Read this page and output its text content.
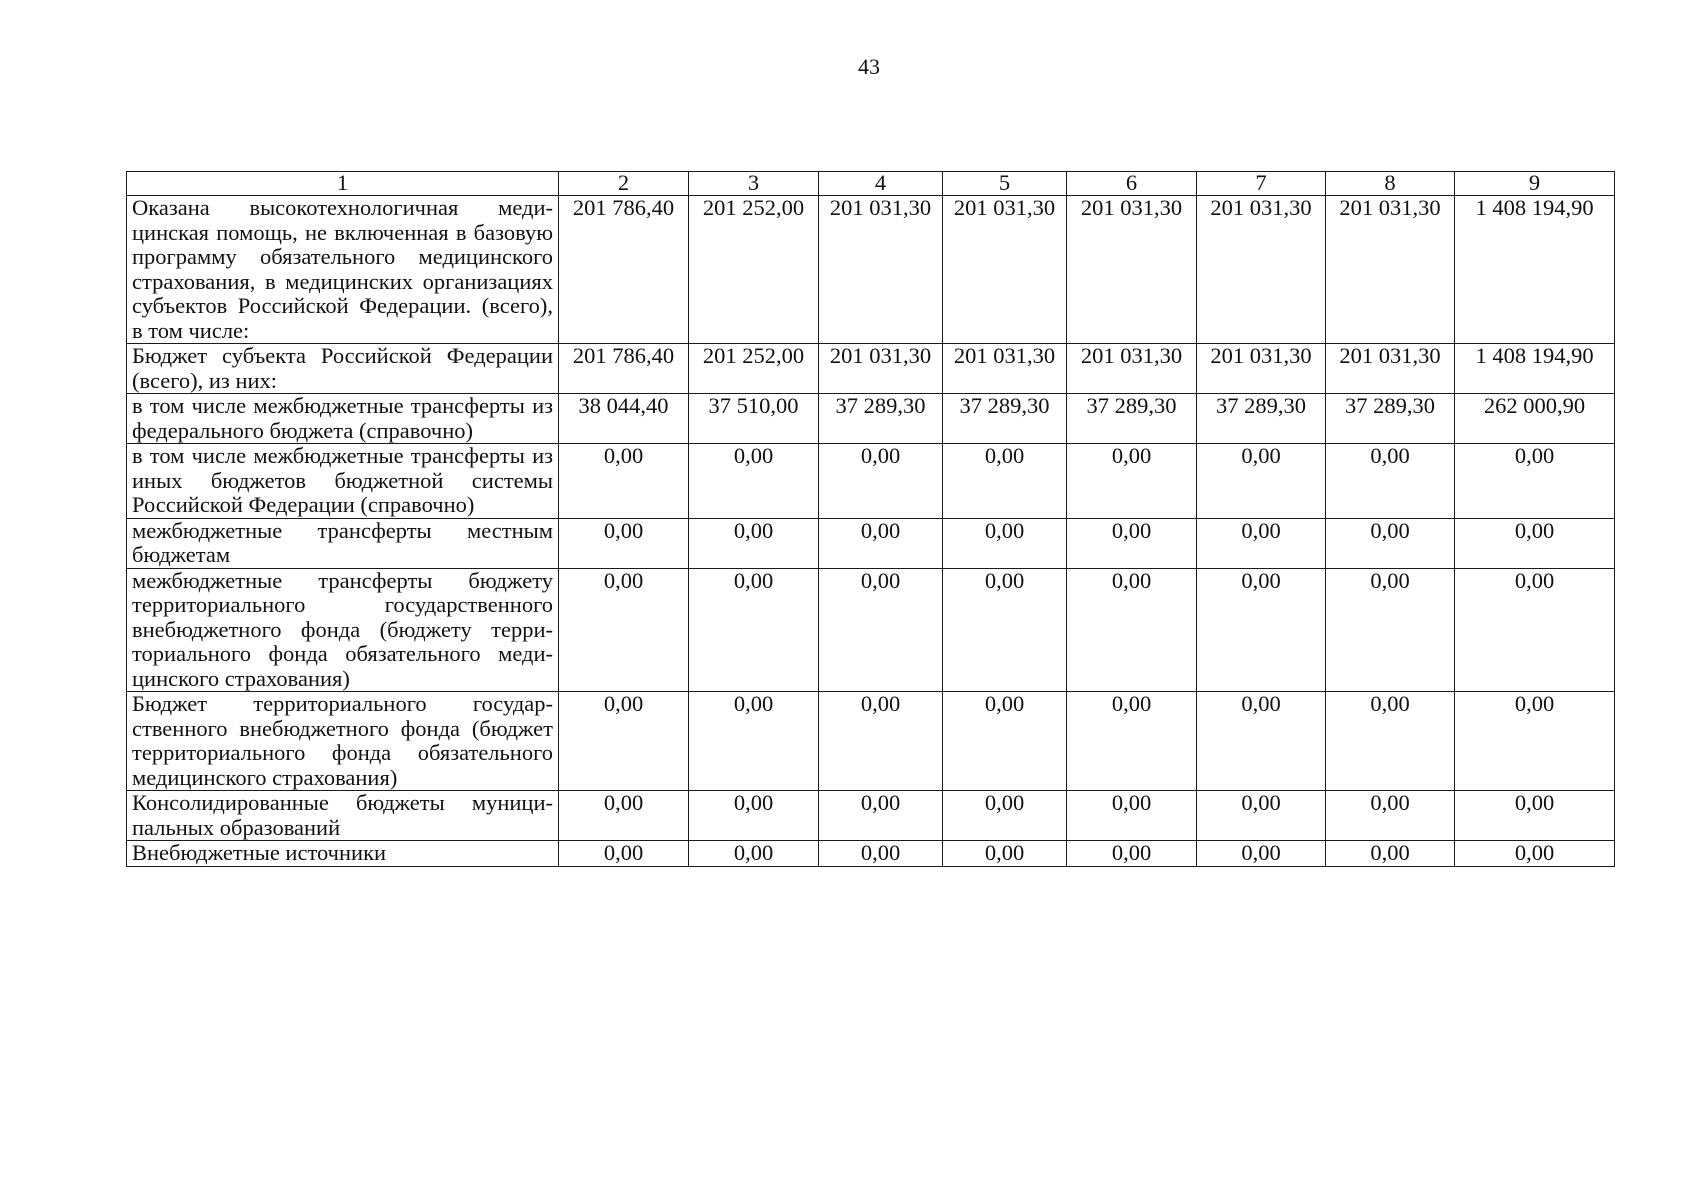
43
1	2	3	4	5	6	7	8	9
Оказана высокотехнологичная медицинская помощь, не включенная в базовую программу обязательного медицинского страхования, в медицинских организациях субъектов Российской Федерации. (всего), в том числе:	201 786,40	201 252,00	201 031,30	201 031,30	201 031,30	201 031,30	201 031,30	1 408 194,90
Бюджет субъекта Российской Федерации (всего), из них:	201 786,40	201 252,00	201 031,30	201 031,30	201 031,30	201 031,30	201 031,30	1 408 194,90
в том числе межбюджетные трансферты из федерального бюджета (справочно)	38 044,40	37 510,00	37 289,30	37 289,30	37 289,30	37 289,30	37 289,30	262 000,90
в том числе межбюджетные трансферты из иных бюджетов бюджетной системы Российской Федерации (справочно)	0,00	0,00	0,00	0,00	0,00	0,00	0,00	0,00
межбюджетные трансферты местным бюджетам	0,00	0,00	0,00	0,00	0,00	0,00	0,00	0,00
межбюджетные трансферты бюджету территориального государственного внебюджетного фонда (бюджету территориального фонда обязательного медицинского страхования)	0,00	0,00	0,00	0,00	0,00	0,00	0,00	0,00
Бюджет территориального государственного внебюджетного фонда (бюджет территориального фонда обязательного медицинского страхования)	0,00	0,00	0,00	0,00	0,00	0,00	0,00	0,00
Консолидированные бюджеты муниципальных образований	0,00	0,00	0,00	0,00	0,00	0,00	0,00	0,00
Внебюджетные источники	0,00	0,00	0,00	0,00	0,00	0,00	0,00	0,00
